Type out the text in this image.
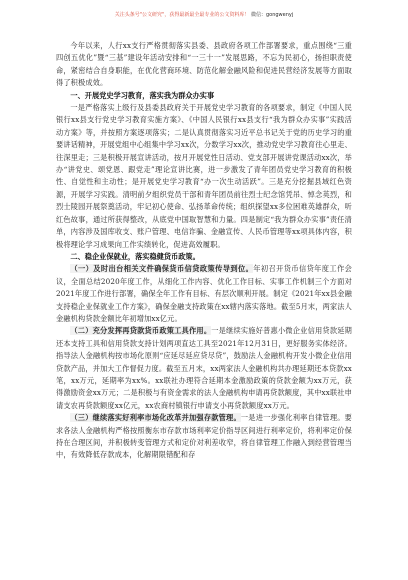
关注头条号"公文研究"，获得最新最全最专业的公文资料库！ 微信：gongwenyj

今年以来，人行xx支行严格贯彻落实县委、县政府各项工作部署要求，重点围绕“三重四创五优化”暨“三基”建设年活动安排和“一三十一”发展思路，不忘为民初心，扬担职责使命，紧密结合自身职能，在优化营商环境、防范化解金融风险和促进民营经济发展等方面取得了积极成效。

一、开展党史学习教育，落实我为群众办实事

一是严格落实上级行及县委县政府关于开展党史学习教育的各项要求，制定《中国人民银行xx县支行党史学习教育实施方案》、《中国人民银行xx县支行“我为群众办实事”实践活动方案》等，并按照方案逐项落实；二是认真贯彻落实习近平总书记关于党的历史学习的重要讲话精神，开展党组中心组集中学习xx次，分数学习xx次，推动党史学习教育往心里走、往深里走；三是积极开展宣讲活动，按月开展党性日活动、党支部开展讲党课活动xx次，举办“讲党史、颂党恩、跟党走”理论宣讲比赛，进一步激发了青年团员党史学习教育的积极性、自觉性和主动性；是开展党史学习教育“办一次生动活跃”。三是充分挖掘县域红色资源，开展学习实践。清明前夕组织党员干部和青年团员前往烈士纪念馆凭吊、悼念英烈，和烈士陵园开展祭奠活动，牢记初心使命、弘扬革命传统；组织探望xx多位困难英雄群众，听红色故事，通过所获得整改，从底党中国取智慧和力量。四是制定“我为群众办实事”责任清单，内容涉及国库收支、账户管理、电信诈骗、金融宣传、人民币管理等xx项具体内容，积极将理论学习成果向工作实绩转化，促进高效履职。

二、稳企业保就业，落实稳健货币政策。

（一）及时出台相关文件确保货币信贷政策传导到位。年初召开货币信贷年度工作会议，全面总结2020年度工作，从细化工作内容、优化工作目标、实事工作机制三个方面对2021年度工作进行部署，确保全年工作有目标、有层次顺利开展。制定《2021年xx县金融支持稳企业保就业工作方案》，确保金融支持政策在xx辖内落实落地。截至5月末，两家法人金融机构贷款金额比年初增加xx亿元。

（二）充分发挥再贷款货币政策工具作用。一是继续实施好普惠小微企业信用贷款延期还本支持工具和信用贷款支持计划两项直达工具至2021年12月31日，更好服务实体经济。指导法人金融机构按市场化原则“应延尽延应贷尽贷”，鼓励法人金融机构开发小微企业信用贷款产品，并加大工作督促力度。截至五月末，xx两家法人金融机构共办理延期还本贷款xx笔，xx万元，延期率为xx%。xx联社办理符合延期本金激励政策的贷款金额为xx万元，获得激励资金xx万元；二是积极与有资金需求的法人金融机构申请再贷款额度，其中xx联社申请支农再贷款额度xx亿元，xx农商村镇银行申请支小再贷款额度xx万元。

（三）继续落实好利率市场化改革并加强存款管理。一是进一步强化利率自律管理。要求各法人金融机构严格按照衡东市存款市场利率定价指导区间进行利率定价，将利率定价保持在合理区间，并积极转变管理方式和定价对利差收窄，将自律管理工作融入到经营管理当中，有效降低存款成本，化解期限错配和存
